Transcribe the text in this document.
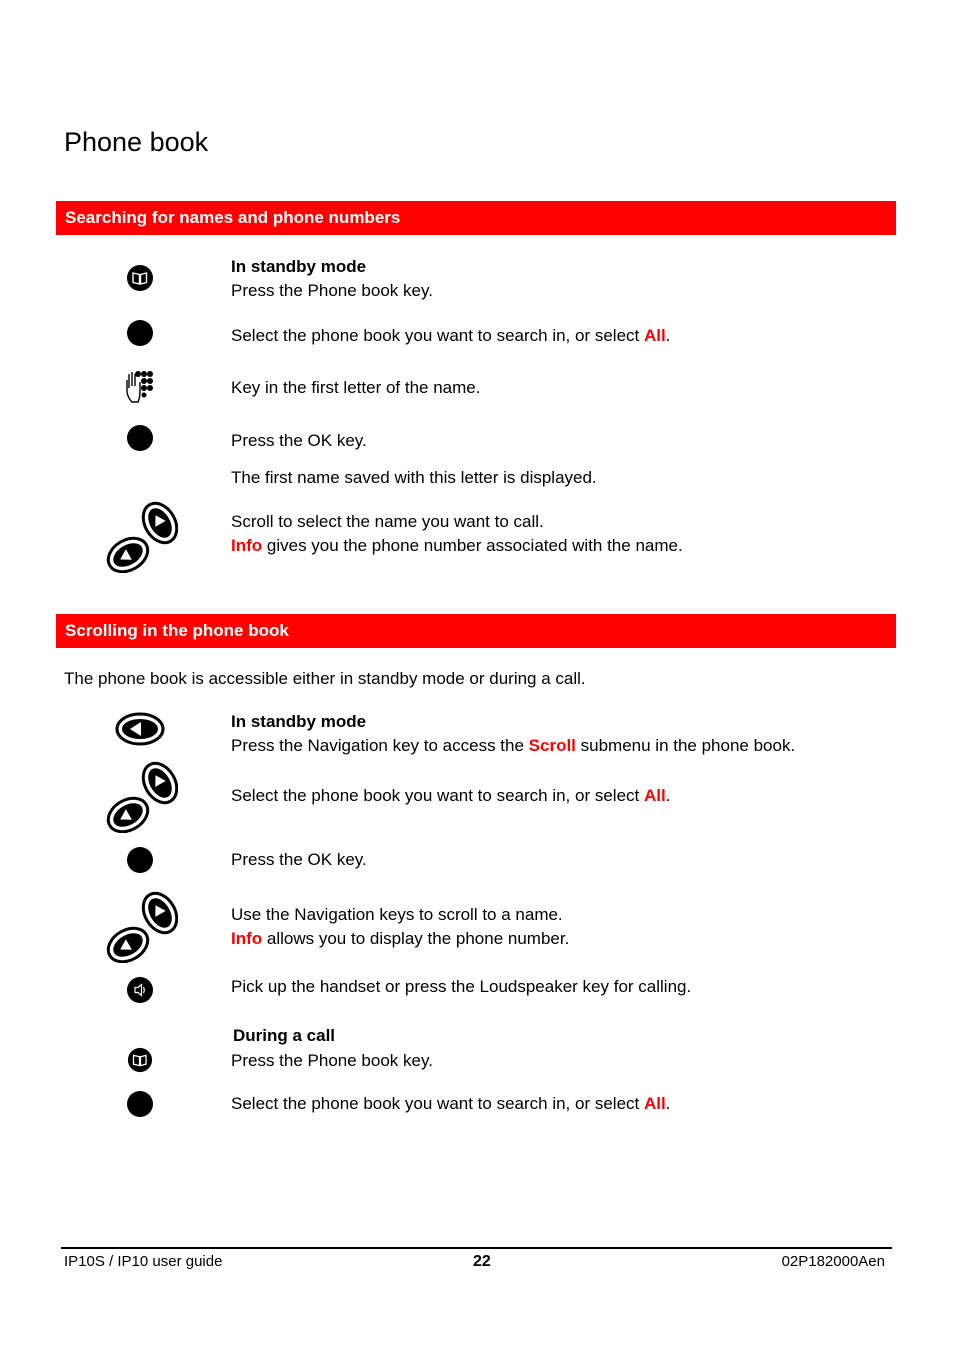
Phone book
Searching for names and phone numbers
In standby mode
Press the Phone book key.
Select the phone book you want to search in, or select All.
Key in the first letter of the name.
Press the OK key.
The first name saved with this letter is displayed.
Scroll to select the name you want to call.
Info gives you the phone number associated with the name.
Scrolling in the phone book
The phone book is accessible either in standby mode or during a call.
In standby mode
Press the Navigation key to access the Scroll submenu in the phone book.
Select the phone book you want to search in, or select All.
Press the OK key.
Use the Navigation keys to scroll to a name.
Info allows you to display the phone number.
Pick up the handset or press the Loudspeaker key for calling.
During a call
Press the Phone book key.
Select the phone book you want to search in, or select All.
IP10S / IP10 user guide	22	02P182000Aen
